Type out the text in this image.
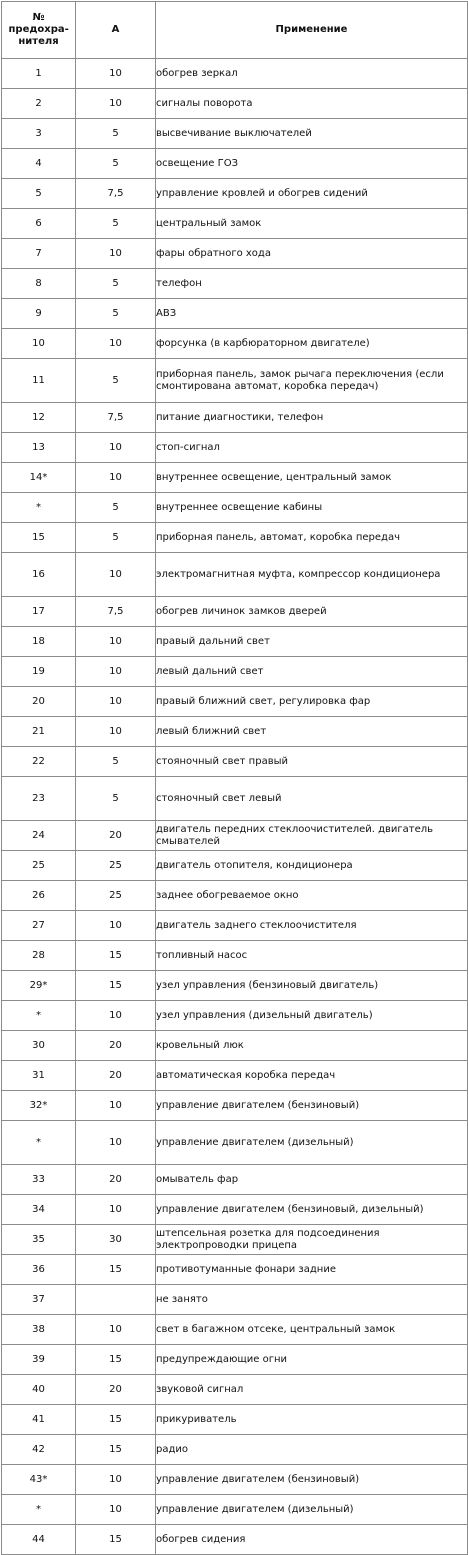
№
предохра-
нителя	А	Применение
1	10	обогрев зеркал
2	10	сигналы поворота
3	5	высвечивание выключателей
4	5	освещение ГОЗ
5	7,5	управление кровлей и обогрев сидений
6	5	центральный замок
7	10	фары обратного хода
8	5	телефон
9	5	АВЗ
10	10	форсунка (в карбюраторном двигателе)
11	5	приборная панель, замок рычага переключения (если смонтирована автомат, коробка передач)
12	7,5	питание диагностики, телефон
13	10	стоп-сигнал
14*	10	внутреннее освещение, центральный замок
*	5	внутреннее освещение кабины
15	5	приборная панель, автомат, коробка передач
16	10	электромагнитная муфта, компрессор кондиционера
17	7,5	обогрев личинок замков дверей
18	10	правый дальний свет
19	10	левый дальний свет
20	10	правый ближний свет, регулировка фар
21	10	левый ближний свет
22	5	стояночный свет правый
23	5	стояночный свет левый
24	20	двигатель передних стеклоочистителей. двигатель смывателей
25	25	двигатель отопителя, кондиционера
26	25	заднее обогреваемое окно
27	10	двигатель заднего стеклоочистителя
28	15	топливный насос
29*	15	узел управления (бензиновый двигатель)
*	10	узел управления (дизельный двигатель)
30	20	кровельный люк
31	20	автоматическая коробка передач
32*	10	управление двигателем (бензиновый)
*	10	управление двигателем (дизельный)
33	20	омыватель фар
34	10	управление двигателем (бензиновый, дизельный)
35	30	штепсельная розетка для подсоединения электропроводки прицепа
36	15	противотуманные фонари задние
37		не занято
38	10	свет в багажном отсеке, центральный замок
39	15	предупреждающие огни
40	20	звуковой сигнал
41	15	прикуриватель
42	15	радио
43*	10	управление двигателем (бензиновый)
*	10	управление двигателем (дизельный)
44	15	обогрев сидения
